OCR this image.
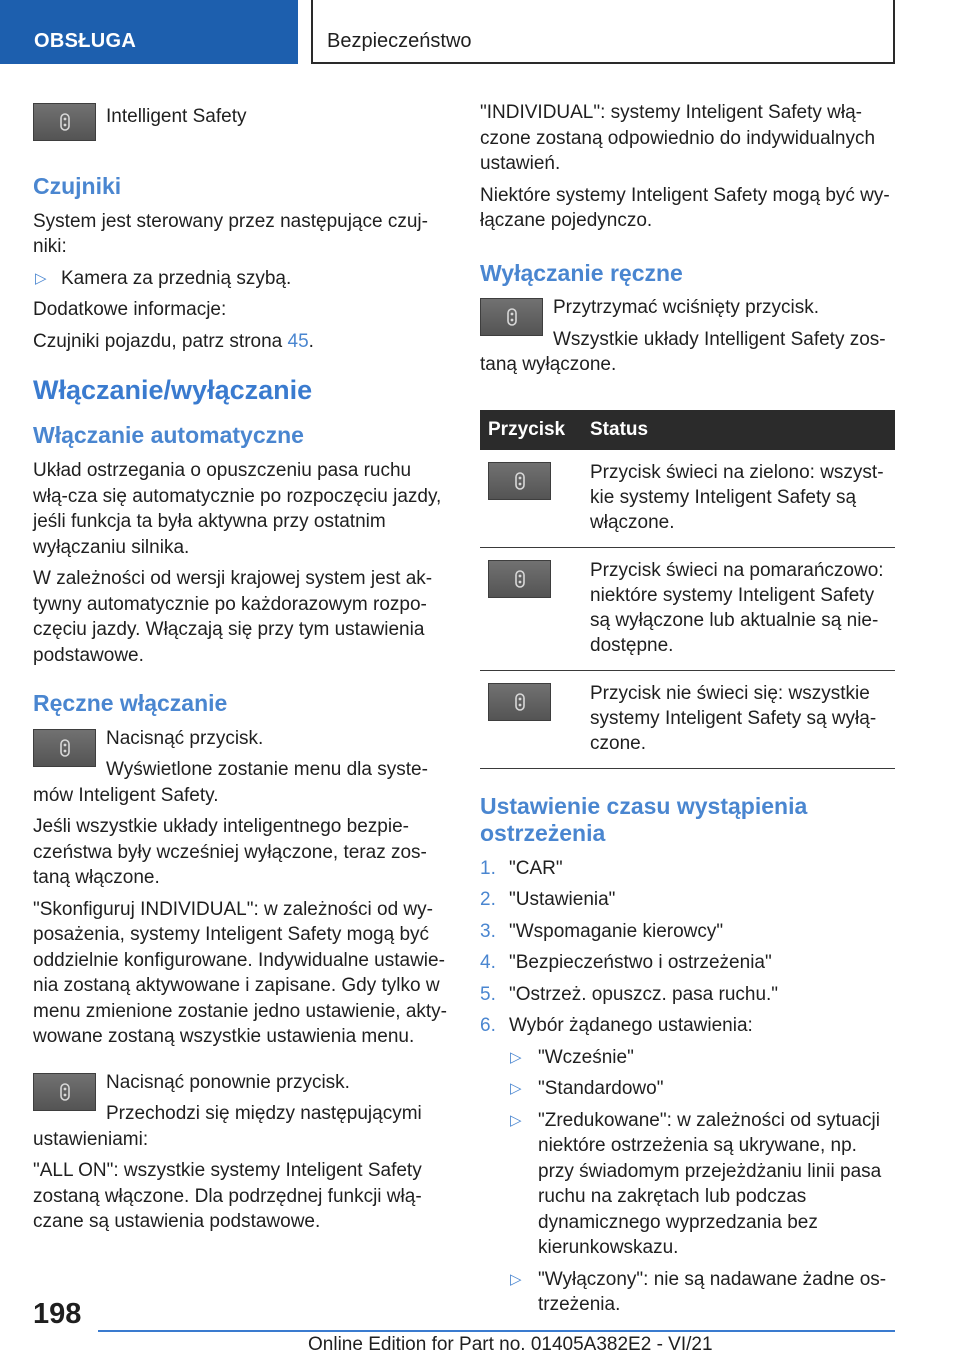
OBSŁUGA	Bezpieczeństwo

Intelligent Safety

Czujniki

System jest sterowany przez następujące czuj-niki:

▷ Kamera za przednią szybą.

Dodatkowe informacje:

Czujniki pojazdu, patrz strona 45.

Włączanie/wyłączanie
Włączanie automatyczne

Układ ostrzegania o opuszczeniu pasa ruchu włą-cza się automatycznie po rozpoczęciu jazdy, jeśli funkcja ta była aktywna przy ostatnim wyłączaniu silnika.

W zależności od wersji krajowej system jest ak-tywny automatycznie po każdorazowym rozpo-częciu jazdy. Włączają się przy tym ustawienia podstawowe.

Ręczne włączanie

Nacisnąć przycisk.

Wyświetlone zostanie menu dla syste-mów Inteligent Safety.

Jeśli wszystkie układy inteligentnego bezpie-czeństwa były wcześniej wyłączone, teraz zos-taną włączone.

"Skonfiguruj INDIVIDUAL": w zależności od wy-posażenia, systemy Inteligent Safety mogą być oddzielnie konfigurowane. Indywidualne ustawie-nia zostaną aktywowane i zapisane. Gdy tylko w menu zmienione zostanie jedno ustawienie, akty-wowane zostaną wszystkie ustawienia menu.

Nacisnąć ponownie przycisk.

Przechodzi się między następującymi ustawieniami:

"ALL ON": wszystkie systemy Inteligent Safety zostaną włączone. Dla podrzędnej funkcji włą-czane są ustawienia podstawowe.

"INDIVIDUAL": systemy Inteligent Safety włą-czone zostaną odpowiednio do indywidualnych ustawień.

Niektóre systemy Inteligent Safety mogą być wy-łączane pojedynczo.

Wyłączanie ręczne

Przytrzymać wciśnięty przycisk.

Wszystkie układy Intelligent Safety zos-taną wyłączone.

Przycisk	Status

	Przycisk świeci na zielono: wszyst-kie systemy Inteligent Safety są włączone.

	Przycisk świeci na pomarańczowo: niektóre systemy Inteligent Safety są wyłączone lub aktualnie są nie-dostępne.

	Przycisk nie świeci się: wszystkie systemy Inteligent Safety są wyłą-czone.
Ustawienie czasu wystąpienia ostrzeżenia
1. "CAR"
2. "Ustawienia"
3. "Wspomaganie kierowcy"
4. "Bezpieczeństwo i ostrzeżenia"
5. "Ostrzeż. opuszcz. pasa ruchu."
6. Wybór żądanego ustawienia:
▷ "Wcześnie"
▷ "Standardowo"
▷ "Zredukowane": w zależności od sytuacji niektóre ostrzeżenia są ukrywane, np. przy świadomym przejeżdżaniu linii pasa ruchu na zakrętach lub podczas dynamicznego wyprzedzania bez kierunkowskazu.
▷ "Wyłączony": nie są nadawane żadne os-trzeżenia.
198
Online Edition for Part no. 01405A382E2 - VI/21
